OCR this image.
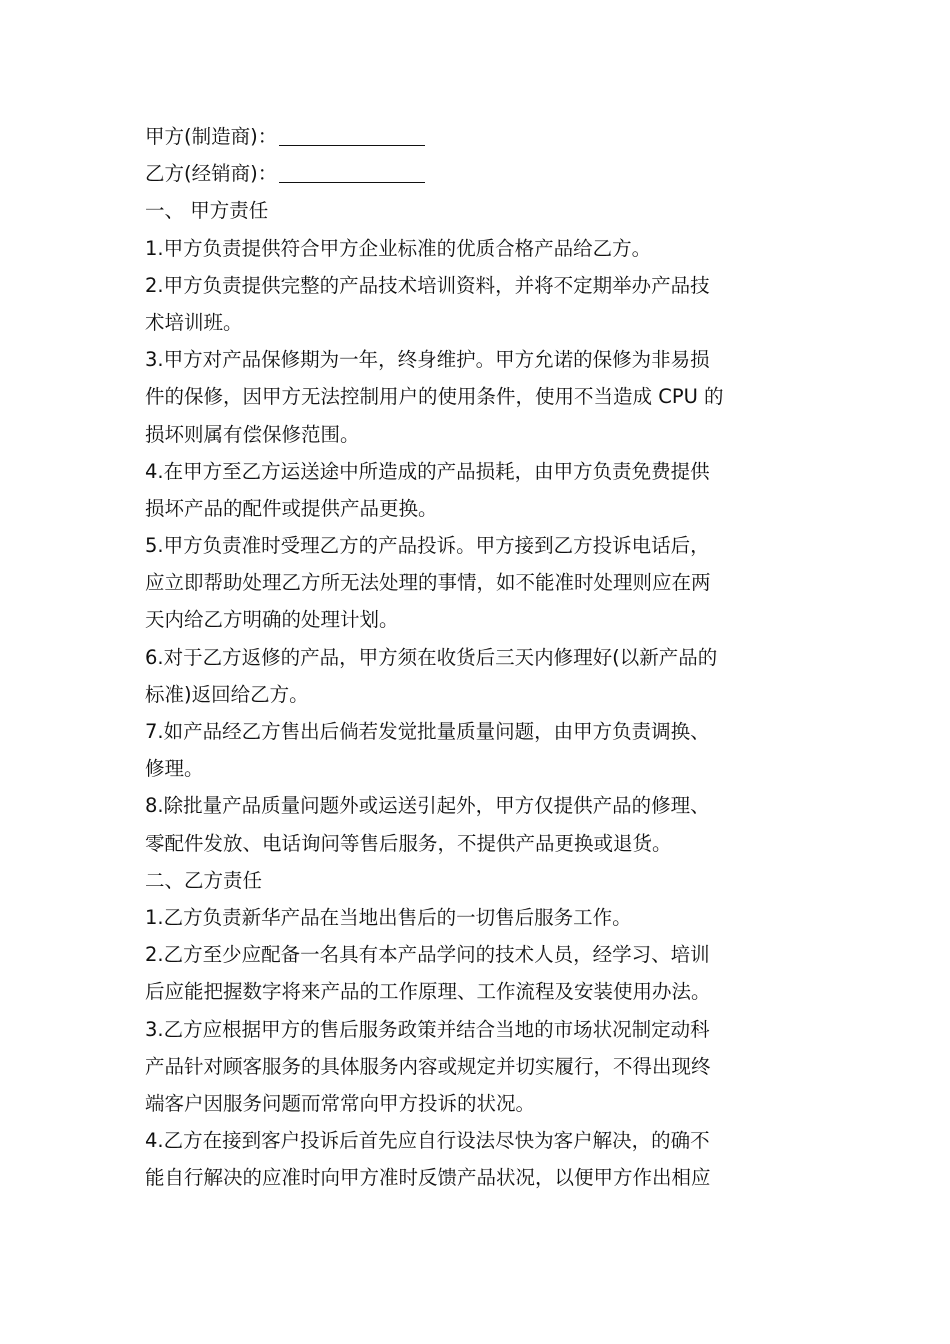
甲方(制造商)：
乙方(经销商)：
一、 甲方责任
1.甲方负责提供符合甲方企业标准的优质合格产品给乙方。
2.甲方负责提供完整的产品技术培训资料，并将不定期举办产品技
术培训班。
3.甲方对产品保修期为一年，终身维护。甲方允诺的保修为非易损
件的保修，因甲方无法控制用户的使用条件，使用不当造成 CPU 的
损坏则属有偿保修范围。
4.在甲方至乙方运送途中所造成的产品损耗，由甲方负责免费提供
损坏产品的配件或提供产品更换。
5.甲方负责准时受理乙方的产品投诉。甲方接到乙方投诉电话后，
应立即帮助处理乙方所无法处理的事情，如不能准时处理则应在两
天内给乙方明确的处理计划。
6.对于乙方返修的产品，甲方须在收货后三天内修理好(以新产品的
标准)返回给乙方。
7.如产品经乙方售出后倘若发觉批量质量问题，由甲方负责调换、
修理。
8.除批量产品质量问题外或运送引起外，甲方仅提供产品的修理、
零配件发放、电话询问等售后服务，不提供产品更换或退货。
二、乙方责任
1.乙方负责新华产品在当地出售后的一切售后服务工作。
2.乙方至少应配备一名具有本产品学问的技术人员，经学习、培训
后应能把握数字将来产品的工作原理、工作流程及安装使用办法。
3.乙方应根据甲方的售后服务政策并结合当地的市场状况制定动科
产品针对顾客服务的具体服务内容或规定并切实履行，不得出现终
端客户因服务问题而常常向甲方投诉的状况。
4.乙方在接到客户投诉后首先应自行设法尽快为客户解决，的确不
能自行解决的应准时向甲方准时反馈产品状况，以便甲方作出相应
